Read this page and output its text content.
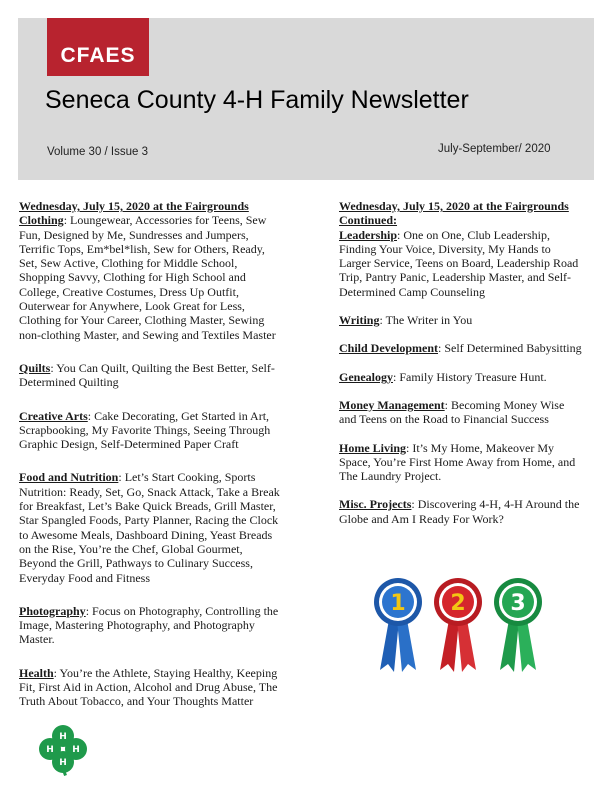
CFAES
Seneca County 4-H Family Newsletter
Volume 30 / Issue 3	July-September/ 2020

Wednesday, July 15, 2020 at the Fairgrounds

Clothing: Loungewear, Accessories for Teens, Sew Fun, Designed by Me, Sundresses and Jumpers, Terrific Tops, Em*bel*lish, Sew for Others, Ready, Set, Sew Active, Clothing for Middle School, Shopping Savvy, Clothing for High School and College, Creative Costumes, Dress Up Outfit, Outerwear for Anywhere, Look Great for Less, Clothing for Your Career, Clothing Master, Sewing non-clothing Master, and Sewing and Textiles Master

Quilts: You Can Quilt, Quilting the Best Better, Self-Determined Quilting

Creative Arts: Cake Decorating, Get Started in Art, Scrapbooking, My Favorite Things, Seeing Through Graphic Design, Self-Determined Paper Craft

Food and Nutrition: Let’s Start Cooking, Sports Nutrition: Ready, Set, Go, Snack Attack, Take a Break for Breakfast, Let’s Bake Quick Breads, Grill Master, Star Spangled Foods, Party Planner, Racing the Clock to Awesome Meals, Dashboard Dining, Yeast Breads on the Rise, You’re the Chef, Global Gourmet, Beyond the Grill, Pathways to Culinary Success, Everyday Food and Fitness

Photography: Focus on Photography, Controlling the Image, Mastering Photography, and Photography Master.

Health: You’re the Athlete, Staying Healthy, Keeping Fit, First Aid in Action, Alcohol and Drug Abuse, The Truth About Tobacco, and Your Thoughts Matter

Wednesday, July 15, 2020 at the Fairgrounds Continued:

Leadership: One on One, Club Leadership, Finding Your Voice, Diversity, My Hands to Larger Service, Teens on Board, Leadership Road Trip, Pantry Panic, Leadership Master, and Self-Determined Camp Counseling

Writing: The Writer in You

Child Development: Self Determined Babysitting

Genealogy: Family History Treasure Hunt.

Money Management: Becoming Money Wise and Teens on the Road to Financial Success

Home Living: It’s My Home, Makeover My Space, You’re First Home Away from Home, and The Laundry Project.

Misc. Projects: Discovering 4-H, 4-H Around the Globe and Am I Ready For Work?

1 2 3
H
H
H
H
